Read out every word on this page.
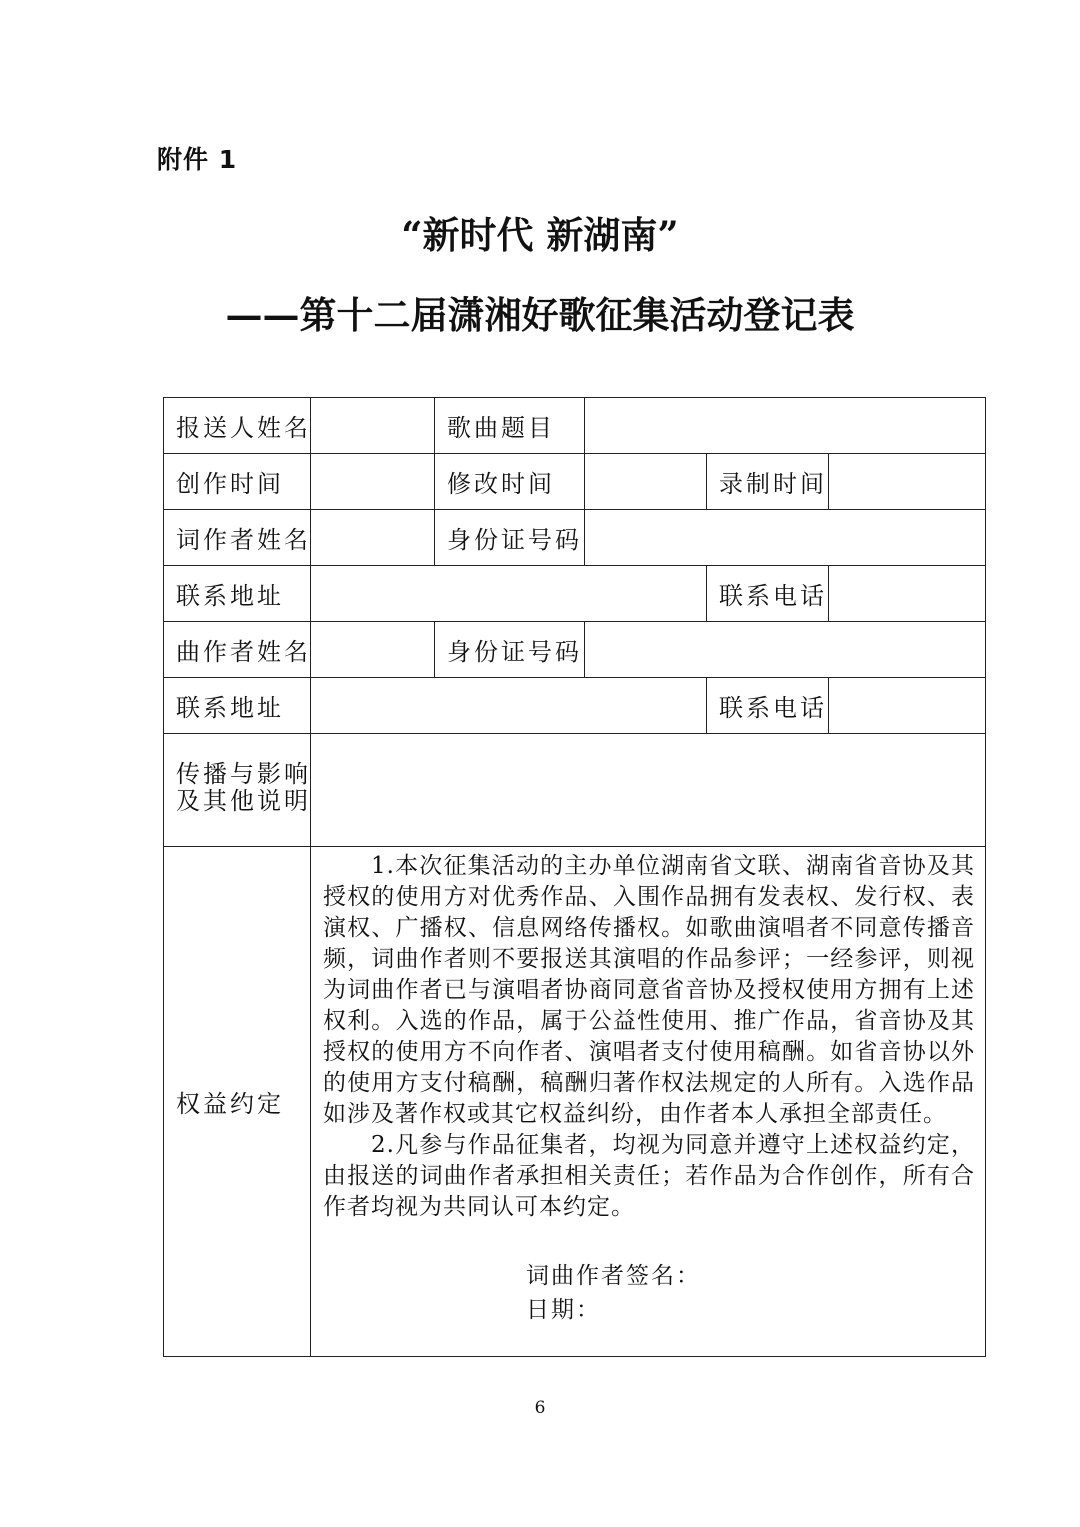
附件 1
“新时代 新湖南”
——第十二届潇湘好歌征集活动登记表
报送人姓名		歌曲题目			
创作时间		修改时间		录制时间	
词作者姓名		身份证号码			
联系地址				联系电话	
曲作者姓名		身份证号码			
联系地址				联系电话	

传播与影响
及其他说明					

权益约定	1.本次征集活动的主办单位湖南省文联、湖南省音协及其授权的使用方对优秀作品、入围作品拥有发表权、发行权、表演权、广播权、信息网络传播权。如歌曲演唱者不同意传播音频，词曲作者则不要报送其演唱的作品参评；一经参评，则视为词曲作者已与演唱者协商同意省音协及授权使用方拥有上述权利。入选的作品，属于公益性使用、推广作品，省音协及其授权的使用方不向作者、演唱者支付使用稿酬。如省音协以外的使用方支付稿酬，稿酬归著作权法规定的人所有。入选作品如涉及著作权或其它权益纠纷，由作者本人承担全部责任。

2.凡参与作品征集者，均视为同意并遵守上述权益约定，由报送的词曲作者承担相关责任；若作品为合作创作，所有合作者均视为共同认可本约定。

词曲作者签名：
日期：				
6
